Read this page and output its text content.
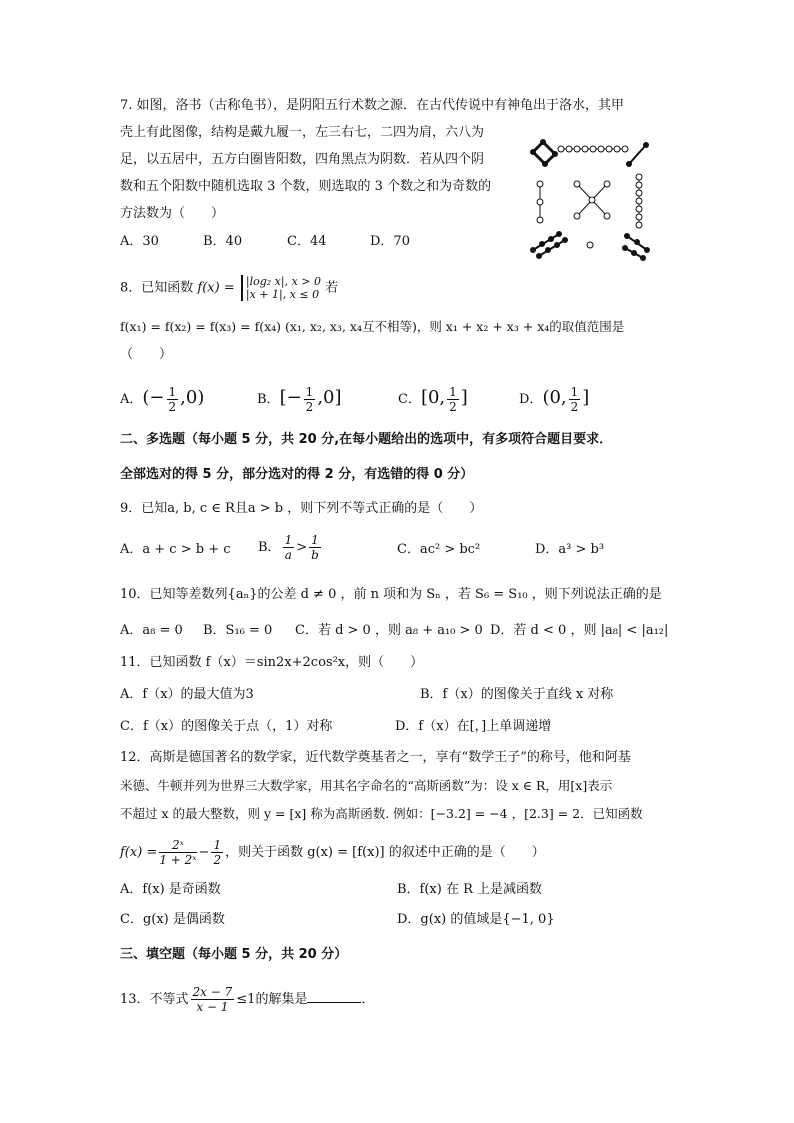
7. 如图，洛书（古称龟书），是阴阳五行术数之源．在古代传说中有神龟出于洛水，其甲
壳上有此图像，结构是戴九履一，左三右七，二四为肩，六八为
足，以五居中，五方白圈皆阳数，四角黑点为阴数．若从四个阴
数和五个阳数中随机选取 3 个数，则选取的 3 个数之和为奇数的
方法数为（　　）
A．30	B．40	C．44	D．70
8．已知函数 f(x) = |log₂ x|, x > 0
|x + 1|, x ≤ 0 若
f(x₁) = f(x₂) = f(x₃) = f(x₄) (x₁, x₂, x₃, x₄互不相等)，则 x₁ + x₂ + x₃ + x₄的取值范围是
（　　）
A．(− $\frac{1}{2} ,0$)	B．[− $\frac{1}{2} ,0$]	C．[0, $\frac{1}{2}$ ]	D．(0, $\frac{1}{2}$ ]
二、多选题（每小题 5 分，共 20 分,在每小题给出的选项中，有多项符合题目要求．
全部选对的得 5 分，部分选对的得 2 分，有选错的得 0 分）
9．已知a, b, c ∈ R且a > b ，则下列不等式正确的是（　　）
A．a + c > b + c B． $\frac{1}{a} > \frac{1}{b}$	C．ac² > bc²	D．a³ > b³
10．已知等差数列{aₙ}的公差 d ≠ 0 ，前 n 项和为 Sₙ ，若 S₆ = S₁₀ ，则下列说法正确的是
A．a₈ = 0 B．S₁₆ = 0 C．若 d > 0 ，则 a₈ + a₁₀ > 0 D．若 d < 0 ，则 |a₈| < |a₁₂|
11．已知函数 f（x）＝sin2x+2cos²x，则（　　）
A．f（x）的最大值为3	B．f（x）的图像关于直线 x 对称
C．f（x）的图像关于点（，1）对称	D．f（x）在[，]上单调递增
12．高斯是德国著名的数学家，近代数学奠基者之一，享有“数学王子”的称号，他和阿基
米德、牛顿并列为世界三大数学家，用其名字命名的“高斯函数”为：设 x ∈ R，用[x]表示
不超过 x 的最大整数，则 y = [x] 称为高斯函数. 例如：[−3.2] = −4 ，[2.3] = 2．已知函数
$f(x) = \frac{\text{2ˣ}}{\text{1 + 2ˣ}} - \frac{1}{2}$ ，则关于函数 g(x) = [f(x)] 的叙述中正确的是（　　）
A．f(x) 是奇函数	B．f(x) 在 R 上是减函数
C．g(x) 是偶函数	D．g(x) 的值域是{−1, 0}
三、填空题（每小题 5 分，共 20 分）
13．不等式 $\frac{2x - 7}{x - 1} \le 1$的解集是	．
